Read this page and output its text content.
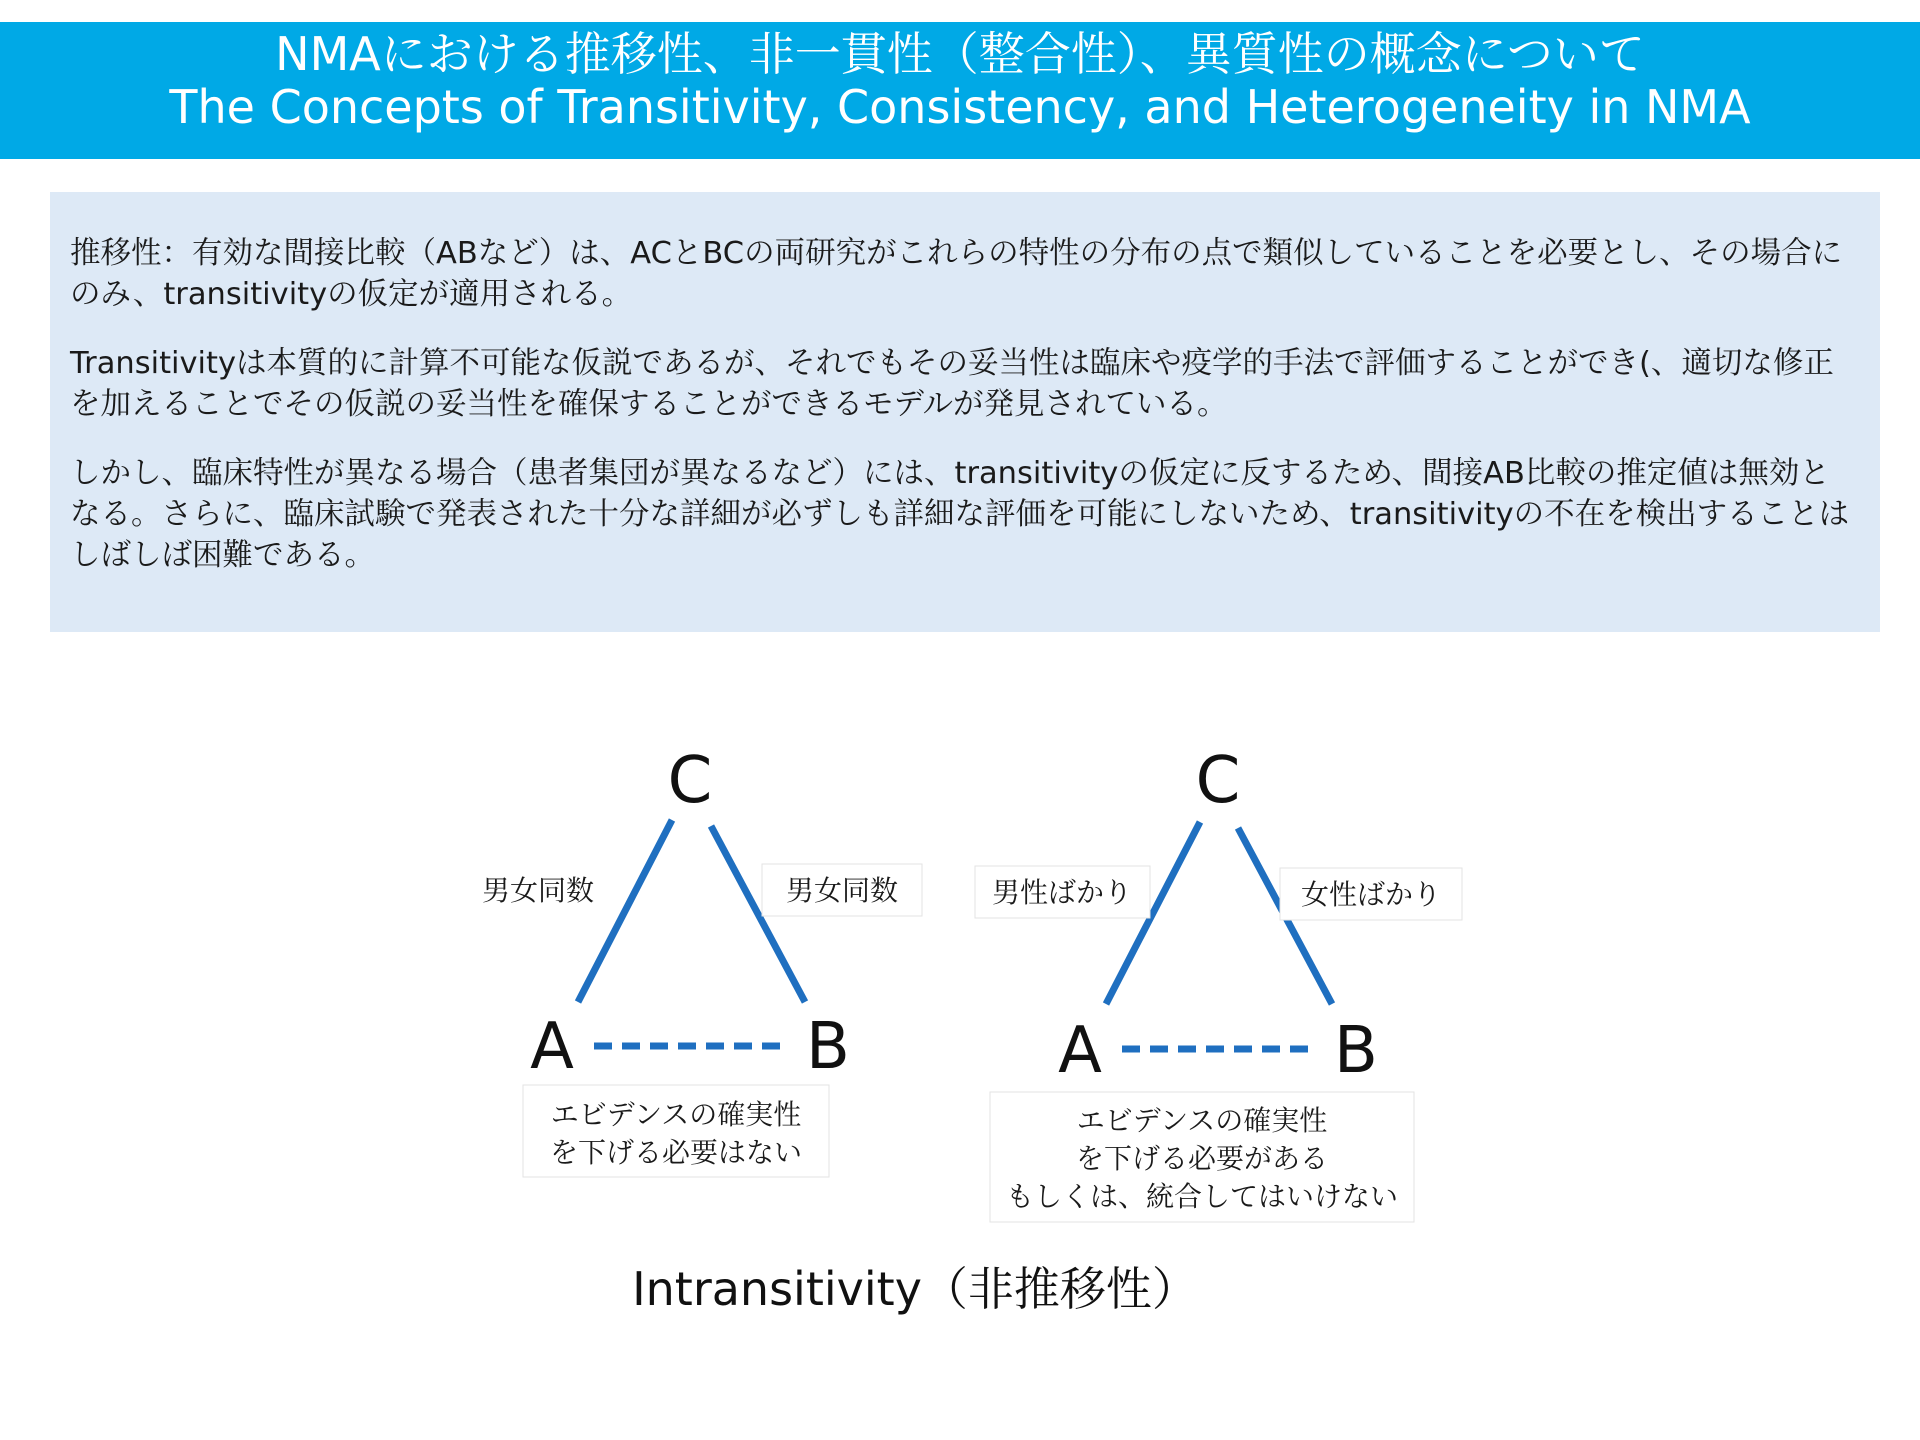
NMAにおける推移性、非一貫性（整合性）、異質性の概念について
The Concepts of Transitivity, Consistency, and Heterogeneity in NMA

推移性：有効な間接比較（ABなど）は、ACとBCの両研究がこれらの特性の分布の点で類似していることを必要とし、その場合にのみ、transitivityの仮定が適用される。

Transitivityは本質的に計算不可能な仮説であるが、それでもその妥当性は臨床や疫学的手法で評価することができ(、適切な修正を加えることでその仮説の妥当性を確保することができるモデルが発見されている。

しかし、臨床特性が異なる場合（患者集団が異なるなど）には、transitivityの仮定に反するため、間接AB比較の推定値は無効となる。さらに、臨床試験で発表された十分な詳細が必ずしも詳細な評価を可能にしないため、transitivityの不在を検出することはしばしば困難である。

C
A	B
男女同数	男女同数
エビデンスの確実性
を下げる必要はない
C
A	B
男性ばかり	女性ばかり
エビデンスの確実性
を下げる必要がある
もしくは、統合してはいけない
Intransitivity（非推移性）
